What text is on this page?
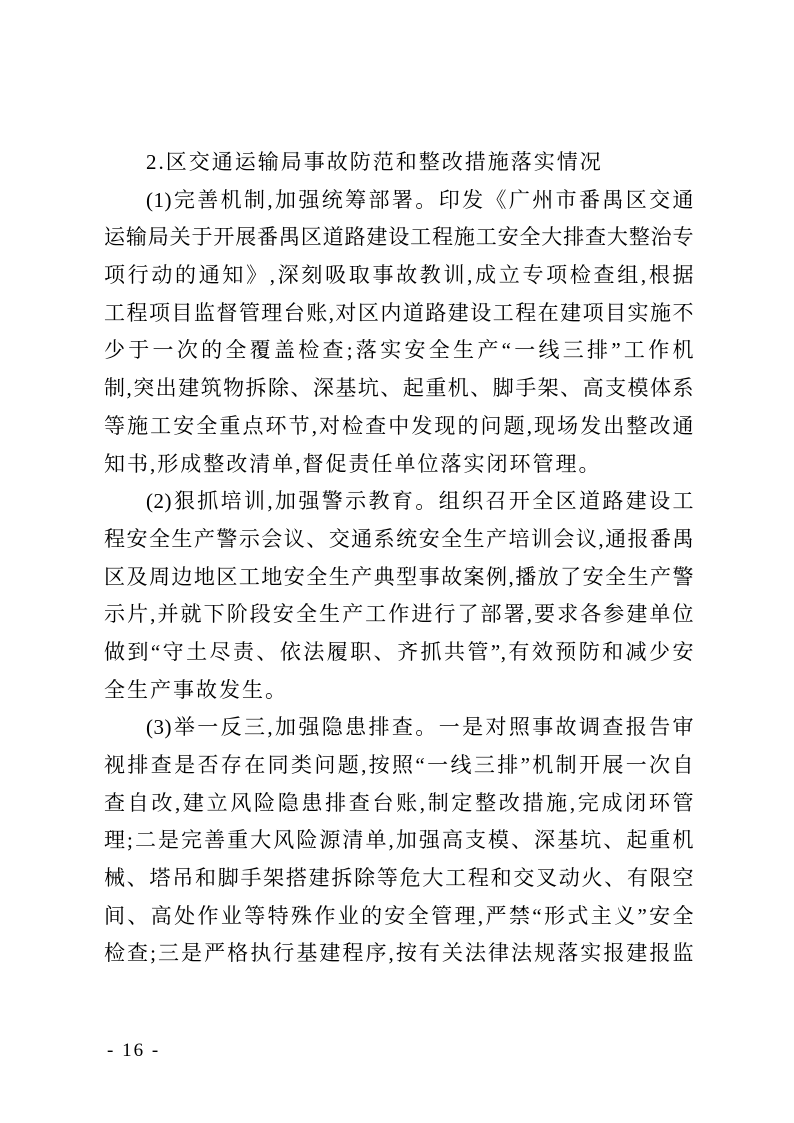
2.区交通运输局事故防范和整改措施落实情况
(1)完善机制,加强统筹部署。印发《广州市番禺区交通
运输局关于开展番禺区道路建设工程施工安全大排查大整治专
项行动的通知》,深刻吸取事故教训,成立专项检查组,根据
工程项目监督管理台账,对区内道路建设工程在建项目实施不
少于一次的全覆盖检查;落实安全生产“一线三排”工作机
制,突出建筑物拆除、深基坑、起重机、脚手架、高支模体系
等施工安全重点环节,对检查中发现的问题,现场发出整改通
知书,形成整改清单,督促责任单位落实闭环管理。
(2)狠抓培训,加强警示教育。组织召开全区道路建设工
程安全生产警示会议、交通系统安全生产培训会议,通报番禺
区及周边地区工地安全生产典型事故案例,播放了安全生产警
示片,并就下阶段安全生产工作进行了部署,要求各参建单位
做到“守土尽责、依法履职、齐抓共管”,有效预防和减少安
全生产事故发生。
(3)举一反三,加强隐患排查。一是对照事故调查报告审
视排查是否存在同类问题,按照“一线三排”机制开展一次自
查自改,建立风险隐患排查台账,制定整改措施,完成闭环管
理;二是完善重大风险源清单,加强高支模、深基坑、起重机
械、塔吊和脚手架搭建拆除等危大工程和交叉动火、有限空
间、高处作业等特殊作业的安全管理,严禁“形式主义”安全
检查;三是严格执行基建程序,按有关法律法规落实报建报监
- 16 -
